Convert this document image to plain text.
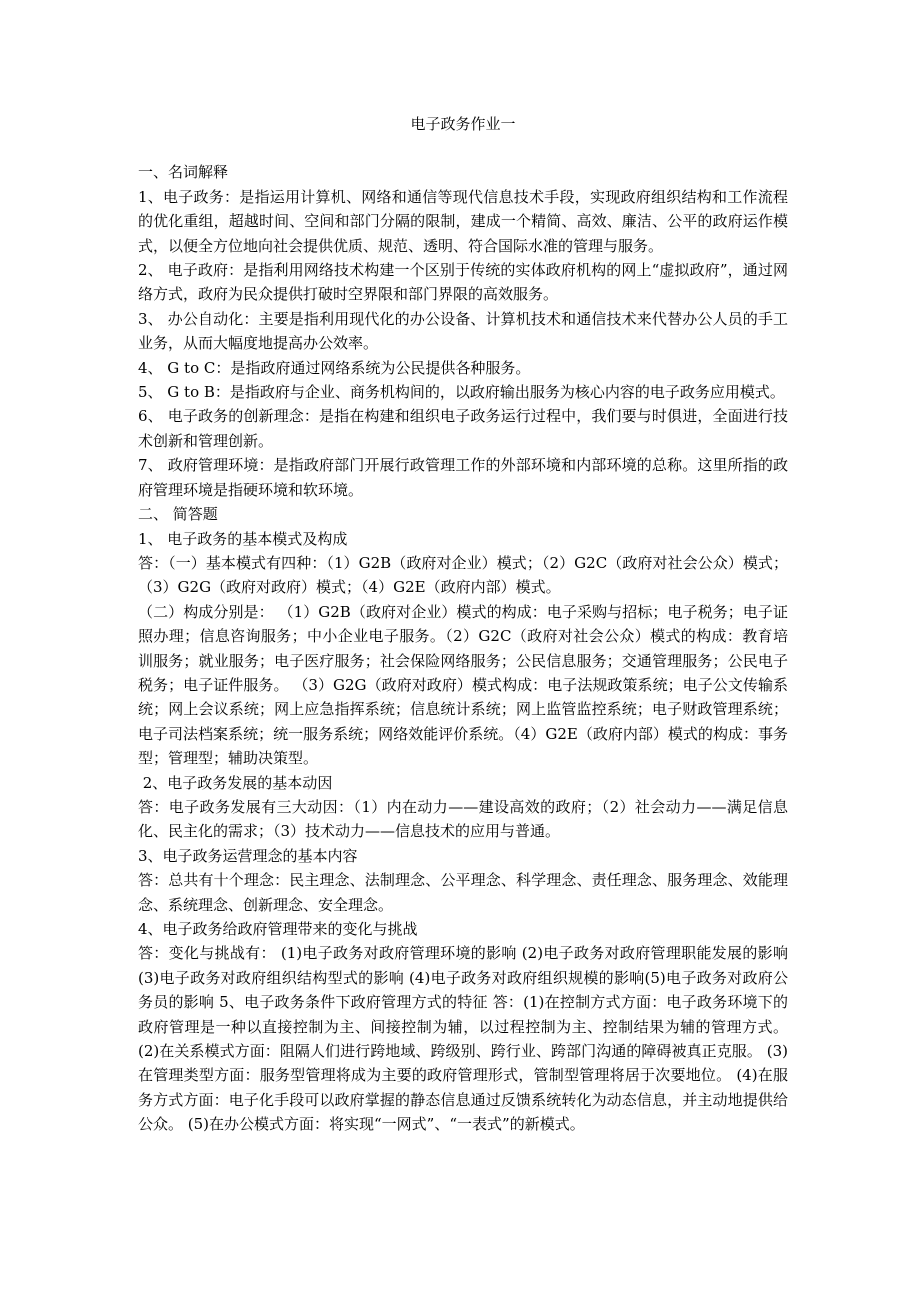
电子政务作业一

一、名词解释

1、电子政务：是指运用计算机、网络和通信等现代信息技术手段，实现政府组织结构和工作流程的优化重组，超越时间、空间和部门分隔的限制，建成一个精简、高效、廉洁、公平的政府运作模式，以便全方位地向社会提供优质、规范、透明、符合国际水准的管理与服务。

2、 电子政府：是指利用网络技术构建一个区别于传统的实体政府机构的网上“虚拟政府”，通过网络方式，政府为民众提供打破时空界限和部门界限的高效服务。

3、 办公自动化：主要是指利用现代化的办公设备、计算机技术和通信技术来代替办公人员的手工业务，从而大幅度地提高办公效率。

4、 G to C：是指政府通过网络系统为公民提供各种服务。

5、 G to B：是指政府与企业、商务机构间的，以政府输出服务为核心内容的电子政务应用模式。

6、 电子政务的创新理念：是指在构建和组织电子政务运行过程中，我们要与时俱进，全面进行技术创新和管理创新。

7、 政府管理环境：是指政府部门开展行政管理工作的外部环境和内部环境的总称。这里所指的政府管理环境是指硬环境和软环境。

二、 简答题

1、 电子政务的基本模式及构成

答：（一）基本模式有四种：（1）G2B（政府对企业）模式；（2）G2C（政府对社会公众）模式；（3）G2G（政府对政府）模式；（4）G2E（政府内部）模式。

（二）构成分别是： （1）G2B（政府对企业）模式的构成：电子采购与招标；电子税务；电子证照办理；信息咨询服务；中小企业电子服务。（2）G2C（政府对社会公众）模式的构成：教育培训服务；就业服务；电子医疗服务；社会保险网络服务；公民信息服务；交通管理服务；公民电子税务；电子证件服务。 （3）G2G（政府对政府）模式构成：电子法规政策系统；电子公文传输系统；网上会议系统；网上应急指挥系统；信息统计系统；网上监管监控系统；电子财政管理系统；电子司法档案系统；统一服务系统；网络效能评价系统。（4）G2E（政府内部）模式的构成：事务型；管理型；辅助决策型。

2、电子政务发展的基本动因

答：电子政务发展有三大动因：（1）内在动力——建设高效的政府；（2）社会动力——满足信息化、民主化的需求；（3）技术动力——信息技术的应用与普通。

3、电子政务运营理念的基本内容

答：总共有十个理念：民主理念、法制理念、公平理念、科学理念、责任理念、服务理念、效能理念、系统理念、创新理念、安全理念。

4、电子政务给政府管理带来的变化与挑战

答：变化与挑战有： (1)电子政务对政府管理环境的影响 (2)电子政务对政府管理职能发展的影响 (3)电子政务对政府组织结构型式的影响 (4)电子政务对政府组织规模的影响(5)电子政务对政府公务员的影响 5、电子政务条件下政府管理方式的特征 答：(1)在控制方式方面：电子政务环境下的政府管理是一种以直接控制为主、间接控制为辅，以过程控制为主、控制结果为辅的管理方式。 (2)在关系模式方面：阻隔人们进行跨地域、跨级别、跨行业、跨部门沟通的障碍被真正克服。 (3)在管理类型方面：服务型管理将成为主要的政府管理形式，管制型管理将居于次要地位。 (4)在服务方式方面：电子化手段可以政府掌握的静态信息通过反馈系统转化为动态信息，并主动地提供给公众。 (5)在办公模式方面：将实现“一网式”、“一表式”的新模式。
